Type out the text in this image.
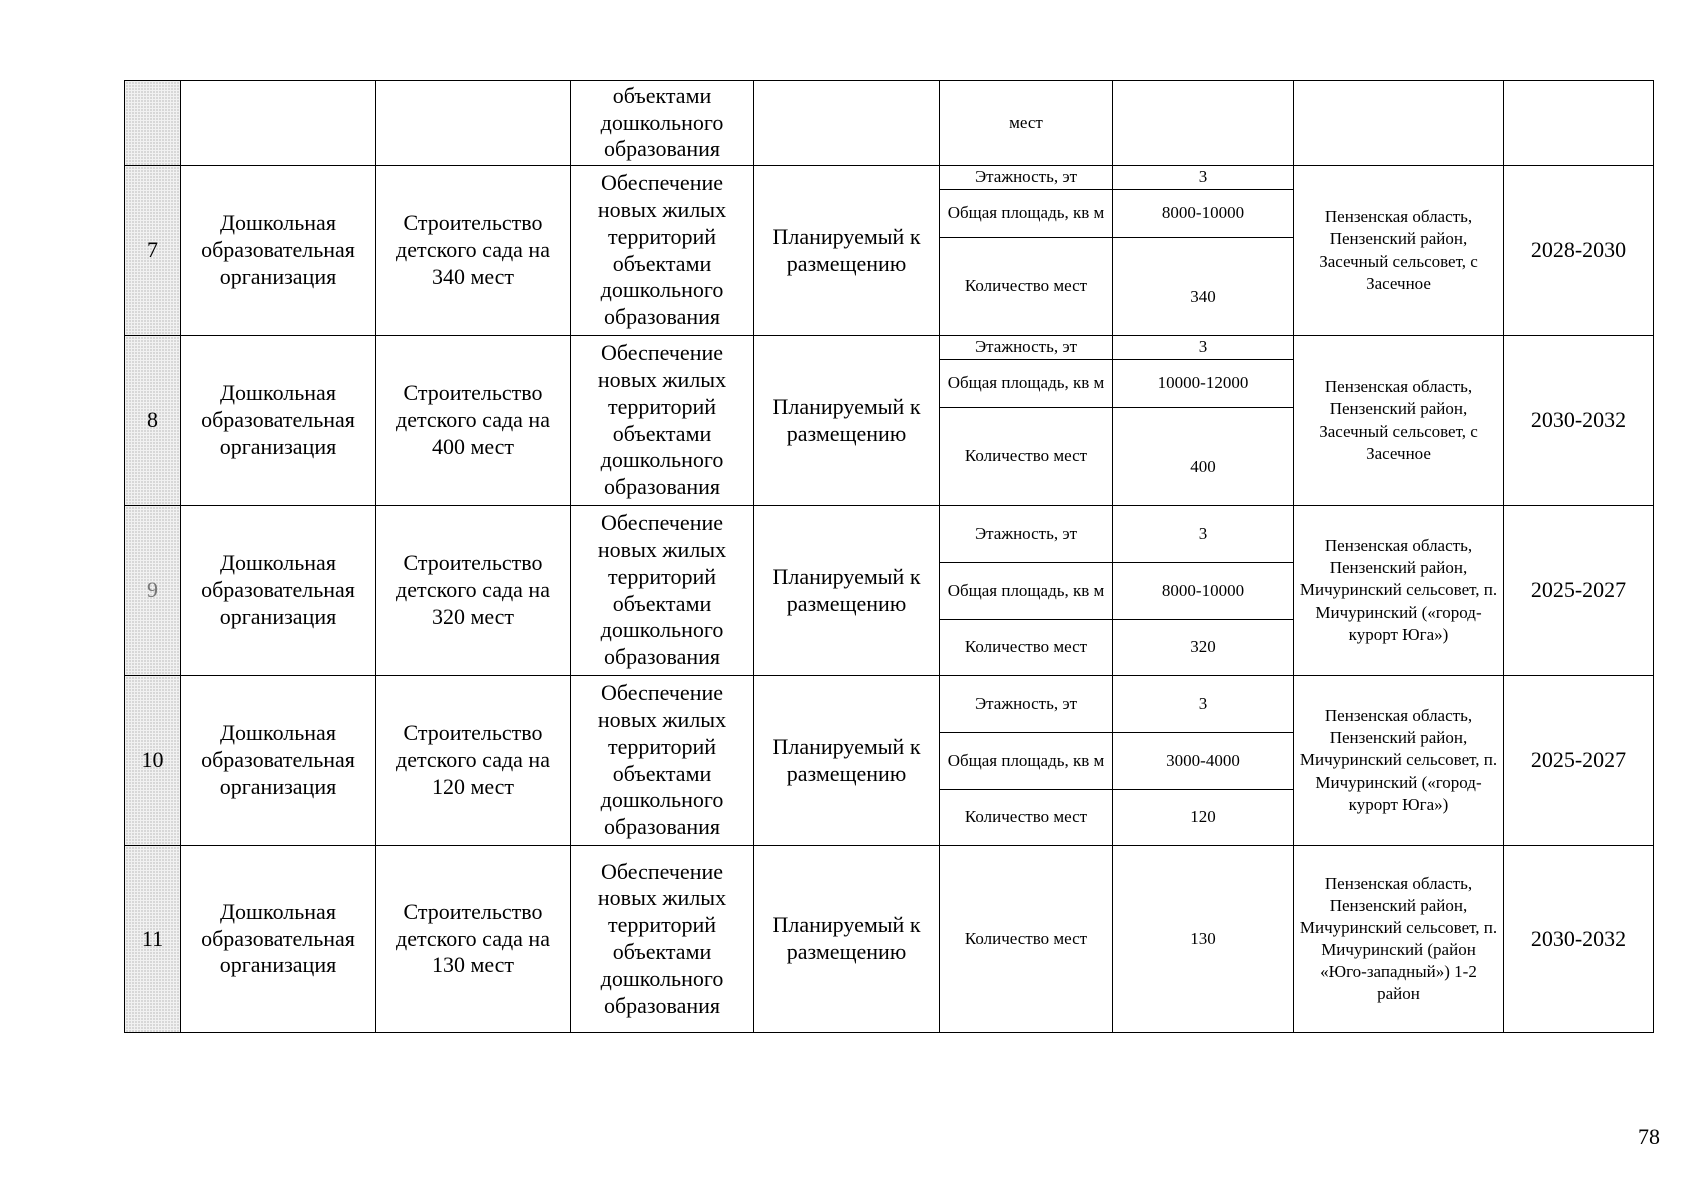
			объектами дошкольного образования		мест			
7	Дошкольная образовательная организация	Строительство детского сада на 340 мест	Обеспечение новых жилых территорий объектами дошкольного образования	Планируемый к размещению	Этажность, эт	3	Пензенская область, Пензенский район, Засечный сельсовет, с Засечное	2028-2030
					Общая площадь, кв м	8000-10000		
					Количество мест	340		
8	Дошкольная образовательная организация	Строительство детского сада на 400 мест	Обеспечение новых жилых территорий объектами дошкольного образования	Планируемый к размещению	Этажность, эт	3	Пензенская область, Пензенский район, Засечный сельсовет, с Засечное	2030-2032
					Общая площадь, кв м	10000-12000		
					Количество мест	400		
9	Дошкольная образовательная организация	Строительство детского сада на 320 мест	Обеспечение новых жилых территорий объектами дошкольного образования	Планируемый к размещению	Этажность, эт	3	Пензенская область, Пензенский район, Мичуринский сельсовет, п. Мичуринский («город-курорт Юга»)	2025-2027
					Общая площадь, кв м	8000-10000		
					Количество мест	320		
10	Дошкольная образовательная организация	Строительство детского сада на 120 мест	Обеспечение новых жилых территорий объектами дошкольного образования	Планируемый к размещению	Этажность, эт	3	Пензенская область, Пензенский район, Мичуринский сельсовет, п. Мичуринский («город-курорт Юга»)	2025-2027
					Общая площадь, кв м	3000-4000		
					Количество мест	120		
11	Дошкольная образовательная организация	Строительство детского сада на 130 мест	Обеспечение новых жилых территорий объектами дошкольного образования	Планируемый к размещению	Количество мест	130	Пензенская область, Пензенский район, Мичуринский сельсовет, п. Мичуринский (район «Юго-западный») 1-2 район	2030-2032
78
